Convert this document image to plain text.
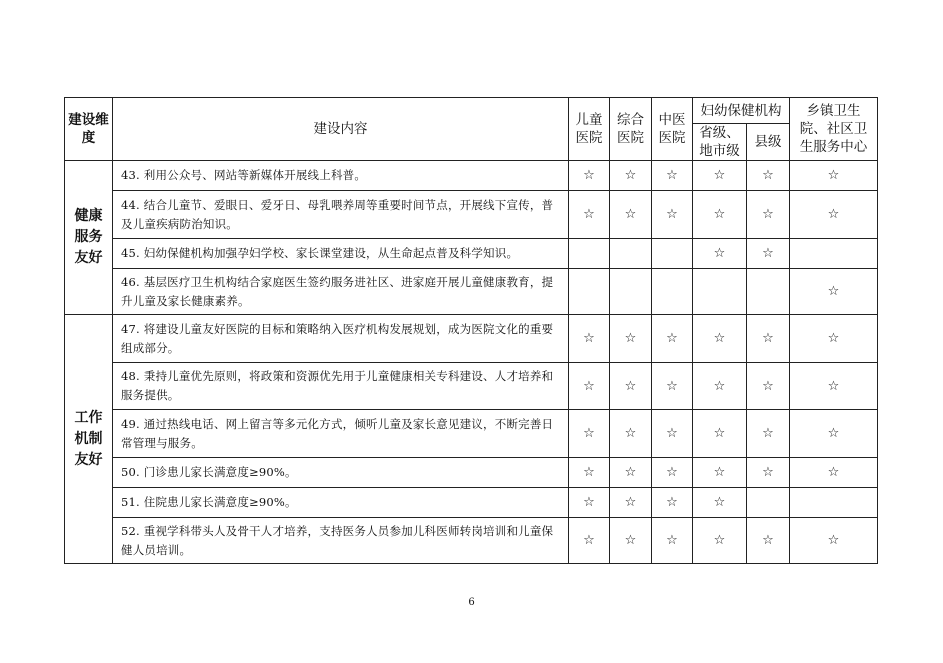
建设维度	建设内容	儿童医院	综合医院	中医医院	妇幼保健机构		乡镇卫生院、社区卫生服务中心
					省级、地市级	县级	
健康服务友好	43. 利用公众号、网站等新媒体开展线上科普。	☆	☆	☆	☆	☆	☆
	44. 结合儿童节、爱眼日、爱牙日、母乳喂养周等重要时间节点，开展线下宣传，普及儿童疾病防治知识。	☆	☆	☆	☆	☆	☆
	45. 妇幼保健机构加强孕妇学校、家长课堂建设，从生命起点普及科学知识。				☆	☆	
	46. 基层医疗卫生机构结合家庭医生签约服务进社区、进家庭开展儿童健康教育，提升儿童及家长健康素养。						☆
工作机制友好	47. 将建设儿童友好医院的目标和策略纳入医疗机构发展规划，成为医院文化的重要组成部分。	☆	☆	☆	☆	☆	☆
	48. 秉持儿童优先原则，将政策和资源优先用于儿童健康相关专科建设、人才培养和服务提供。	☆	☆	☆	☆	☆	☆
	49. 通过热线电话、网上留言等多元化方式，倾听儿童及家长意见建议，不断完善日常管理与服务。	☆	☆	☆	☆	☆	☆
	50. 门诊患儿家长满意度≥90%。	☆	☆	☆	☆	☆	☆
	51. 住院患儿家长满意度≥90%。	☆	☆	☆	☆		
	52. 重视学科带头人及骨干人才培养，支持医务人员参加儿科医师转岗培训和儿童保健人员培训。	☆	☆	☆	☆	☆	☆
6
